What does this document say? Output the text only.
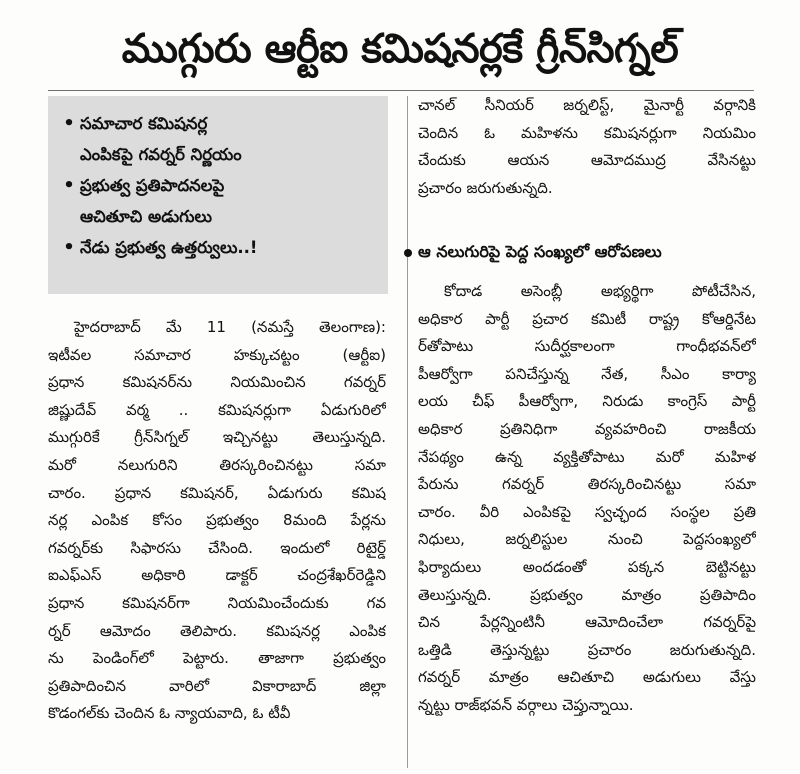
ముగ్గురు ఆర్టీఐ కమిషనర్లకే గ్రీన్‌సిగ్నల్‌
• సమాచార కమిషనర్ల
ఎంపికపై గవర్నర్‌ నిర్ణయం
• ప్రభుత్వ ప్రతిపాదనలపై
ఆచితూచి అడుగులు
• నేడు ప్రభుత్వ ఉత్తర్వులు..!
హైదరాబాద్‌ మే 11 (నమస్తే తెలంగాణ):
ఇటీవల సమాచార హక్కుచట్టం (ఆర్టీఐ)
ప్రధాన కమిషనర్‌ను నియమించిన గవర్నర్‌
జిష్ణుదేవ్‌ వర్మ .. కమిషనర్లుగా ఏడుగురిలో
ముగ్గురికే గ్రీన్‌సిగ్నల్‌ ఇచ్చినట్టు తెలుస్తున్నది.
మరో నలుగురిని తిరస్కరించినట్టు సమా
చారం. ప్రధాన కమిషనర్‌, ఏడుగురు కమిష
నర్ల ఎంపిక కోసం ప్రభుత్వం 8మంది పేర్లను
గవర్నర్‌కు సిఫారసు చేసింది. ఇందులో రిటైర్డ్‌
ఐఎఫ్‌ఎస్‌ అధికారి డాక్టర్‌ చంద్రశేఖర్‌రెడ్డిని
ప్రధాన కమిషనర్‌గా నియమించేందుకు గవ
ర్నర్‌ ఆమోదం తెలిపారు. కమిషనర్ల ఎంపిక
ను పెండింగ్‌లో పెట్టారు. తాజాగా ప్రభుత్వం
ప్రతిపాదించిన వారిలో వికారాబాద్‌ జిల్లా
కొడంగల్‌కు చెందిన ఓ న్యాయవాది, ఓ టీవీ
చానల్‌ సీనియర్‌ జర్నలిస్ట్‌, మైనార్టీ వర్గానికి
చెందిన ఓ మహిళను కమిషనర్లుగా నియమిం
చేందుకు ఆయన ఆమోదముద్ర వేసినట్టు
ప్రచారం జరుగుతున్నది.
ఆ నలుగురిపై పెద్ద సంఖ్యలో ఆరోపణలు
కోదాడ అసెంబ్లీ అభ్యర్థిగా పోటీచేసిన,
అధికార పార్టీ ప్రచార కమిటీ రాష్ట్ర కోఆర్డినేట
ర్‌తోపాటు సుదీర్ఘకాలంగా గాంధీభవన్‌లో
పీఆర్వోగా పనిచేస్తున్న నేత, సీఎం కార్యా
లయ చీఫ్‌ పీఆర్వోగా, నిరుడు కాంగ్రెస్‌ పార్టీ
అధికార ప్రతినిధిగా వ్యవహరించి రాజకీయ
నేపథ్యం ఉన్న వ్యక్తితోపాటు మరో మహిళ
పేరును గవర్నర్‌ తిరస్కరించినట్టు సమా
చారం. వీరి ఎంపికపై స్వచ్ఛంద సంస్థల ప్రతి
నిధులు, జర్నలిస్టుల నుంచి పెద్దసంఖ్యలో
ఫిర్యాదులు అందడంతో పక్కన బెట్టినట్టు
తెలుస్తున్నది. ప్రభుత్వం మాత్రం ప్రతిపాదిం
చిన పేర్లన్నింటినీ ఆమోదించేలా గవర్నర్‌పై
ఒత్తిడి తెస్తున్నట్టు ప్రచారం జరుగుతున్నది.
గవర్నర్‌ మాత్రం ఆచితూచి అడుగులు వేస్తు
న్నట్టు రాజ్‌భవన్‌ వర్గాలు చెప్తున్నాయి.
